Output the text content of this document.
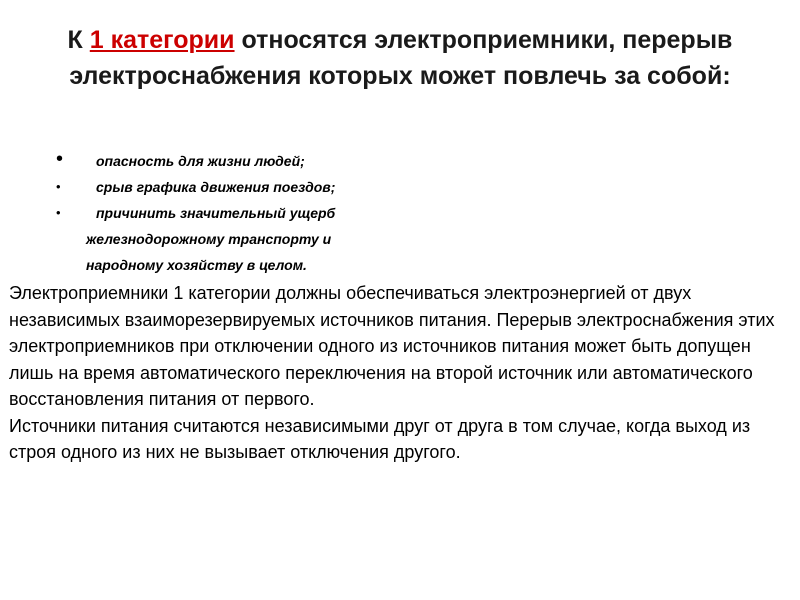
К 1 категории относятся электроприемники, перерыв электроснабжения которых может повлечь за собой:
•	опасность для жизни людей;
•	срыв графика движения поездов;
•	причинить значительный ущерб
железнодорожному транспорту и
народному хозяйству в целом.

Электроприемники 1 категории должны обеспечиваться электроэнергией от двух независимых взаиморезервируемых источников питания. Перерыв электроснабжения этих электроприемников при отключении одного из источников питания может быть допущен лишь на время автоматического переключения на второй источник или автоматического восстановления питания от первого.

Источники питания считаются независимыми друг от друга в том случае, когда выход из строя одного из них не вызывает отключения другого.
